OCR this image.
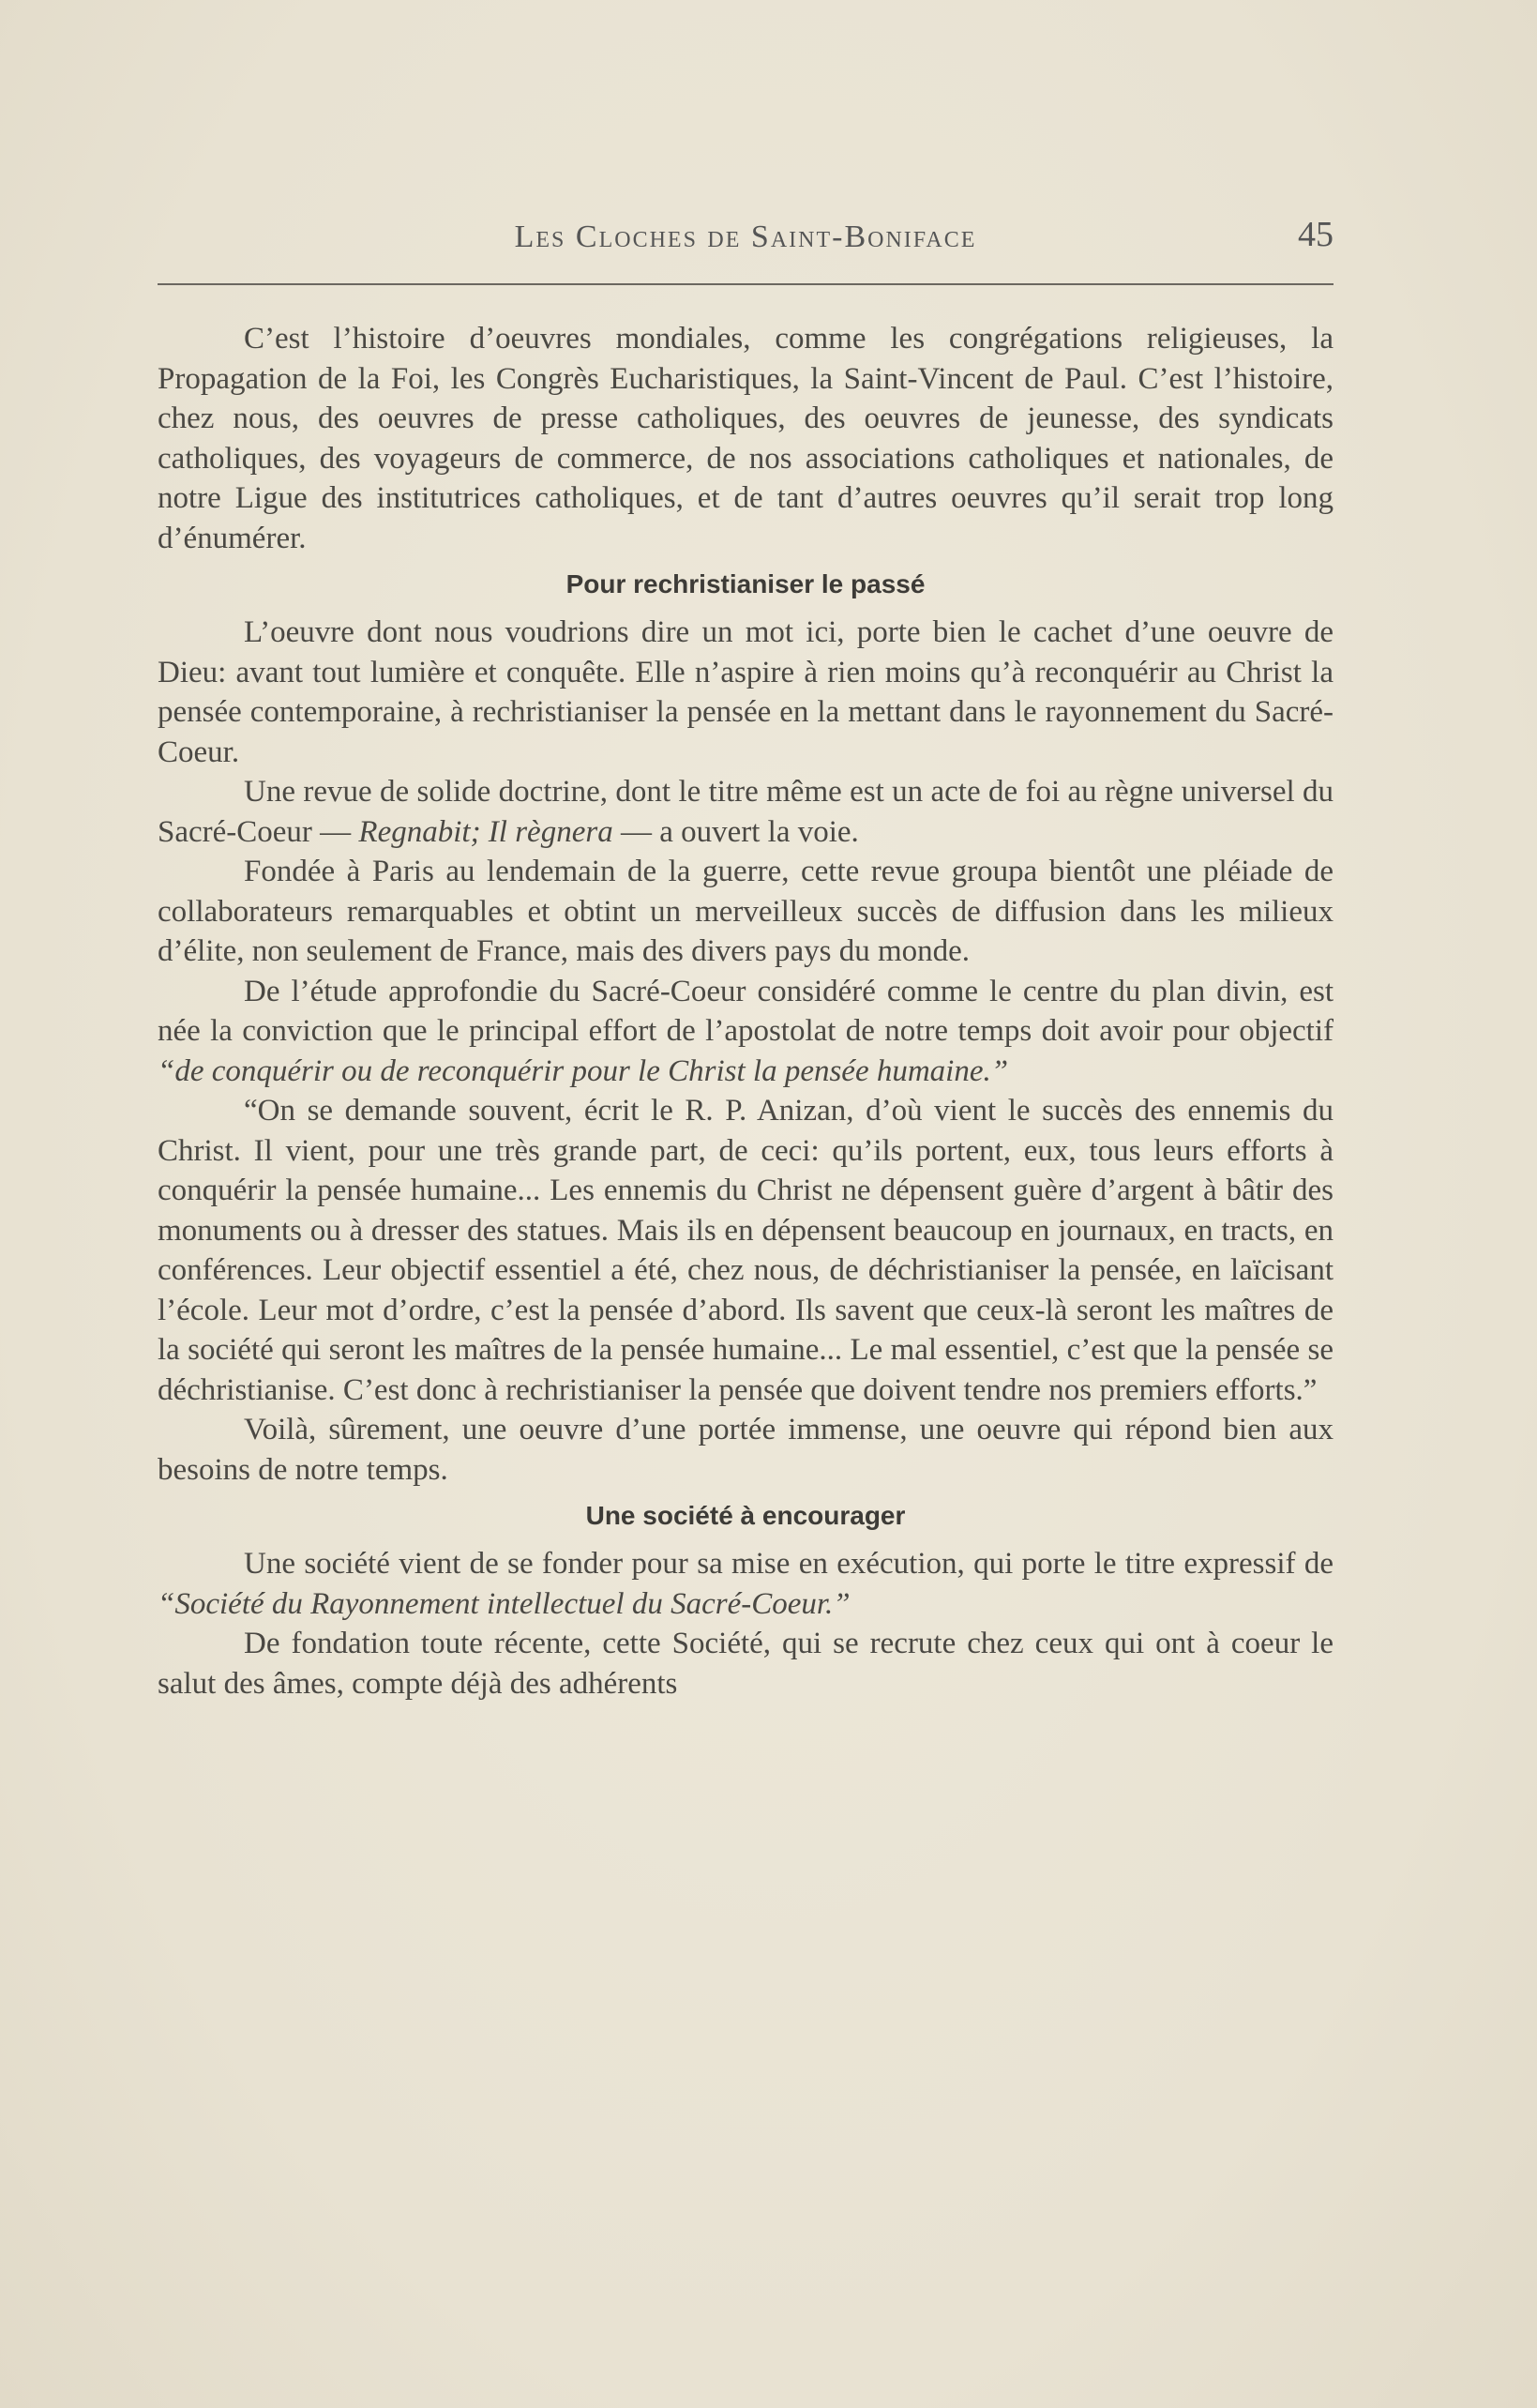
Les Cloches de Saint-Boniface	45

C’est l’histoire d’oeuvres mondiales, comme les congrégations religieuses, la Propagation de la Foi, les Congrès Eucharistiques, la Saint-Vincent de Paul. C’est l’histoire, chez nous, des oeuvres de presse catholiques, des oeuvres de jeunesse, des syndicats catholiques, des voyageurs de commerce, de nos associations catholiques et nationales, de notre Ligue des institutrices catholiques, et de tant d’autres oeuvres qu’il serait trop long d’énumérer.

Pour rechristianiser le passé

L’oeuvre dont nous voudrions dire un mot ici, porte bien le cachet d’une oeuvre de Dieu: avant tout lumière et conquête. Elle n’aspire à rien moins qu’à reconquérir au Christ la pensée contemporaine, à rechristianiser la pensée en la mettant dans le rayonnement du Sacré-Coeur.

Une revue de solide doctrine, dont le titre même est un acte de foi au règne universel du Sacré-Coeur — Regnabit; Il règnera — a ouvert la voie.

Fondée à Paris au lendemain de la guerre, cette revue groupa bientôt une pléiade de collaborateurs remarquables et obtint un merveilleux succès de diffusion dans les milieux d’élite, non seulement de France, mais des divers pays du monde.

De l’étude approfondie du Sacré-Coeur considéré comme le centre du plan divin, est née la conviction que le principal effort de l’apostolat de notre temps doit avoir pour objectif “de conquérir ou de reconquérir pour le Christ la pensée humaine.”

“On se demande souvent, écrit le R. P. Anizan, d’où vient le succès des ennemis du Christ. Il vient, pour une très grande part, de ceci: qu’ils portent, eux, tous leurs efforts à conquérir la pensée humaine... Les ennemis du Christ ne dépensent guère d’argent à bâtir des monuments ou à dresser des statues. Mais ils en dépensent beaucoup en journaux, en tracts, en conférences. Leur objectif essentiel a été, chez nous, de déchristianiser la pensée, en laïcisant l’école. Leur mot d’ordre, c’est la pensée d’abord. Ils savent que ceux-là seront les maîtres de la société qui seront les maîtres de la pensée humaine... Le mal essentiel, c’est que la pensée se déchristianise. C’est donc à rechristianiser la pensée que doivent tendre nos premiers efforts.”

Voilà, sûrement, une oeuvre d’une portée immense, une oeuvre qui répond bien aux besoins de notre temps.

Une société à encourager

Une société vient de se fonder pour sa mise en exécution, qui porte le titre expressif de “Société du Rayonnement intellectuel du Sacré-Coeur.”

De fondation toute récente, cette Société, qui se recrute chez ceux qui ont à coeur le salut des âmes, compte déjà des adhérents
